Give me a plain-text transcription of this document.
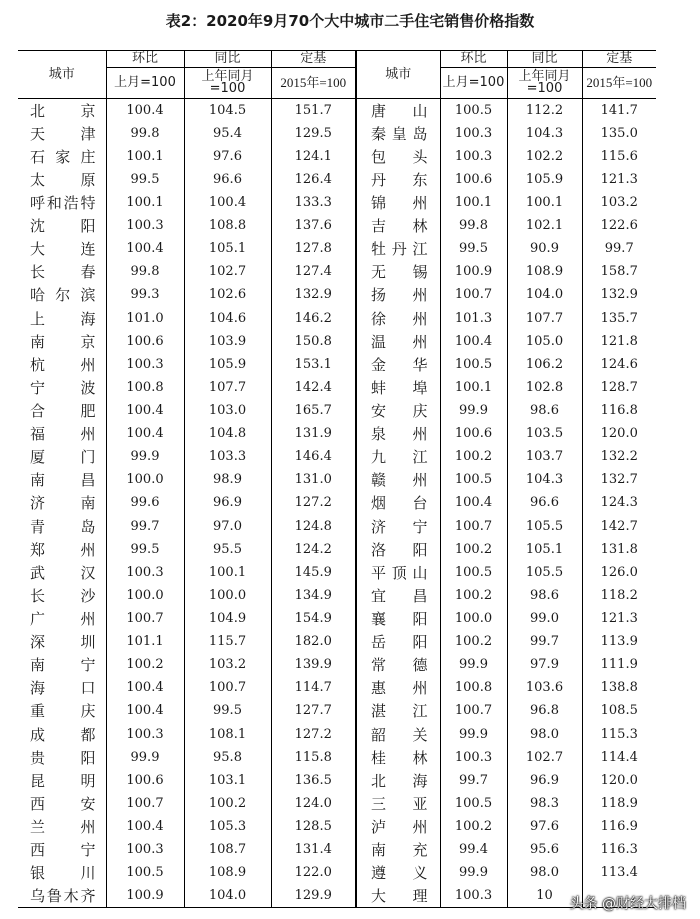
表2：2020年9月70个大中城市二手住宅销售价格指数
城市	环比	同比	定基	城市	环比	同比	定基
	上月=100	上年同月=100	2015年=100		上月=100	上年同月=100	2015年=100
北京	100.4	104.5	151.7	唐山	100.5	112.2	141.7
天津	99.8	95.4	129.5	秦皇岛	100.3	104.3	135.0
石家庄	100.1	97.6	124.1	包头	100.3	102.2	115.6
太原	99.5	96.6	126.4	丹东	100.6	105.9	121.3
呼和浩特	100.1	100.4	133.3	锦州	100.1	100.1	103.2
沈阳	100.3	108.8	137.6	吉林	99.8	102.1	122.6
大连	100.4	105.1	127.8	牡丹江	99.5	90.9	99.7
长春	99.8	102.7	127.4	无锡	100.9	108.9	158.7
哈尔滨	99.3	102.6	132.9	扬州	100.7	104.0	132.9
上海	101.0	104.6	146.2	徐州	101.3	107.7	135.7
南京	100.6	103.9	150.8	温州	100.4	105.0	121.8
杭州	100.3	105.9	153.1	金华	100.5	106.2	124.6
宁波	100.8	107.7	142.4	蚌埠	100.1	102.8	128.7
合肥	100.4	103.0	165.7	安庆	99.9	98.6	116.8
福州	100.4	104.8	131.9	泉州	100.6	103.5	120.0
厦门	99.9	103.3	146.4	九江	100.2	103.7	132.2
南昌	100.0	98.9	131.0	赣州	100.5	104.3	132.7
济南	99.6	96.9	127.2	烟台	100.4	96.6	124.3
青岛	99.7	97.0	124.8	济宁	100.7	105.5	142.7
郑州	99.5	95.5	124.2	洛阳	100.2	105.1	131.8
武汉	100.3	100.1	145.9	平顶山	100.5	105.5	126.0
长沙	100.0	100.0	134.9	宜昌	100.2	98.6	118.2
广州	100.7	104.9	154.9	襄阳	100.0	99.0	121.3
深圳	101.1	115.7	182.0	岳阳	100.2	99.7	113.9
南宁	100.2	103.2	139.9	常德	99.9	97.9	111.9
海口	100.4	100.7	114.7	惠州	100.8	103.6	138.8
重庆	100.4	99.5	127.7	湛江	100.7	96.8	108.5
成都	100.3	108.1	127.2	韶关	99.9	98.0	115.3
贵阳	99.9	95.8	115.8	桂林	100.3	102.7	114.4
昆明	100.6	103.1	136.5	北海	99.7	96.9	120.0
西安	100.7	100.2	124.0	三亚	100.5	98.3	118.9
兰州	100.4	105.3	128.5	泸州	100.2	97.6	116.9
西宁	100.3	108.7	131.4	南充	99.4	95.6	116.3
银川	100.5	108.9	122.0	遵义	99.9	98.0	113.4
乌鲁木齐	100.9	104.0	129.9	大理	100.3	10	
头条 @财经大排档
